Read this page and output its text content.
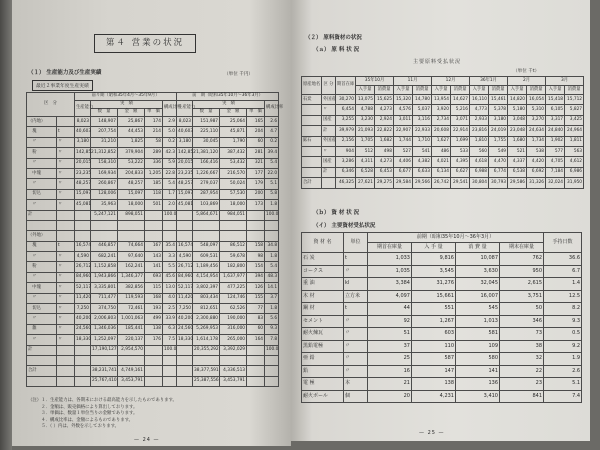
第４ 営業の状況
（１） 生産能力及び生産実績	（単位 千円）
最近２事業年度生産実績
区　分		前々期（昭和35年4月～35年9月）					前　期（昭和35年10月～36年3月）				
		生産能力	実　績			構成比率	生産能力	実　績			構成比率
			数　量	金　額	単　価			数　量	金　額	単　価	
（内地）		8,023	148,907	25,867	174	2.9	8,023	151,987	25,064	165	2.6
　塊	t	40,603	207,754	44,453	214	5.0	40,603	225,110	45,871	204	4.7
　〃	〃	3,180	31,210	1,825	58	0.2	3,180	30,045	1,790	60	0.2
　粉	〃	142,852	1,312,852	379,904	289	42.3	142,852	1,381,120	387,432	281	39.4
　〃	〃	20,015	158,310	53,222	336	5.9	20,015	166,416	53,432	321	5.4
　中塊	〃	23,235	169,934	204,833	1,205	22.8	23,235	1,226,667	216,570	177	22.0
　〃	〃	48,257	260,867	48,257	185	5.4	48,257	279,037	50,024	179	5.1
　切込	〃	15,097	128,006	15,097	118	1.7	15,097	287,954	57,530	200	5.8
　〃	〃	45,081	35,963	18,000	501	2.0	45,081	103,869	18,000	173	1.8
計			5,247,121	898,051		100.0		5,864,671	984,051		100.0

（外地）											
　塊	t	16,574	446,857	74,664	167	35.4	16,574	548,097	86,512	158	34.8
　〃	〃	4,590	682,241	97,640	143	3.3	4,590	609,531	59,678	98	1.8
　粉	〃	26,712	1,152,858	162,241	141	5.5	26,712	1,189,456	182,800	154	5.4
　〃	〃	84,960	1,943,866	1,346,377	693	45.6	84,960	4,154,954	1,637,977	394	48.3
　中塊	〃	52,117	3,335,801	382,856	115	13.0	52,117	3,802,397	477,225	126	14.1
　〃	〃	11,420	711,477	119,593	168	4.0	11,420	803,434	124,746	155	3.7
　切込	〃	7,250	374,750	72,461	193	2.5	7,250	812,651	62,526	77	1.8
　〃	〃	40,200	2,006,803	1,001,063	499	33.9	40,200	2,300,880	190,000	83	5.6
　雑	〃	24,560	1,346,036	185,441	138	6.3	24,560	5,269,953	316,000	60	9.3
　〃	〃	18,330	1,252,097	220,137	176	7.5	18,330	1,614,178	265,000	164	7.8
計			17,190,127	2,954,570		100.0		20,355,292	3,392,029		100.0

合計			38,231,741	4,749,161				38,377,591	4,336,513		
			25,767,410	3,453,791				25,387,556	3,453,791		
（注）１．生産能力は、各期末における最高能力を示したものであります。
　　　２．金額は、販売価格により算出しております。
　　　３．単価は、数量１単位当りの金額であります。
　　　４．構成比率は、金額によるものであります。
　　　５．（ ）内は、外数を示しております。
— 24 —
（２） 原料資材の状況
（ａ） 原 料 状 況
主要原料受払状況
（単位 千t）
原産地名	区 分	期首在庫	35年10月		11月		12月		36年1月		2月		3月	
			入手量	消費量	入手量	消費量	入手量	消費量	入手量	消費量	入手量	消費量	入手量	消費量
石炭	外国産	30,270	13,075	15,625	15,320	14,780	13,954	14,627	16,110	15,461	14,820	16,054	15,418	15,712
	〃	6,454	4,788	4,273	4,576	5,037	3,920	5,216	4,773	5,378	5,180	5,310	6,105	5,827
	国産	3,255	3,230	2,924	3,011	3,116	2,734	3,071	2,933	3,180	3,048	3,270	3,317	3,425
	計	39,979	21,093	22,822	22,907	22,933	20,608	22,914	23,816	24,019	23,048	24,634	24,840	24,964
鉱石	外国産	2,156	1,705	1,682	1,744	1,710	1,627	1,699	1,810	1,755	1,680	1,734	1,902	1,811
	〃	904	512	498	527	541	486	533	560	549	521	538	577	563
	国産	3,286	4,311	4,273	4,406	4,382	4,021	4,395	4,618	4,470	4,337	4,420	4,705	4,612
	計	6,346	6,528	6,453	6,677	6,633	6,134	6,627	6,988	6,774	6,538	6,692	7,184	6,986
合計		46,325	27,621	29,275	29,584	29,566	26,742	29,541	30,804	30,793	29,586	31,326	32,024	31,950
（ｂ） 資 材 状 況
（イ） 主要資材受払状況
資 材 名	単位	前期（昭和35年10月～36年3月）				手持日数
		期首在庫量	入 手 量	消 費 量	期末在庫量	
石 炭	t	1,033	9,816	10,087	762	36.6
コークス	〃	1,035	3,545	3,630	950	6.7
重 油	kl	3,384	31,276	32,045	2,615	1.4
木 材	立方米	4,097	15,661	16,007	3,751	12.5
鋼 材	t	44	551	545	50	8.2
セメント	〃	92	1,267	1,013	346	9.3
耐火煉瓦	〃	51	603	581	73	0.5
黒鉛電極	〃	37	110	109	38	9.2
亜 鉛	〃	25	587	580	32	1.9
鉛	〃	16	147	141	22	2.6
電 極	本	21	138	136	23	5.1
耐火ボール	個	20	4,231	3,410	841	7.4
— 25 —
